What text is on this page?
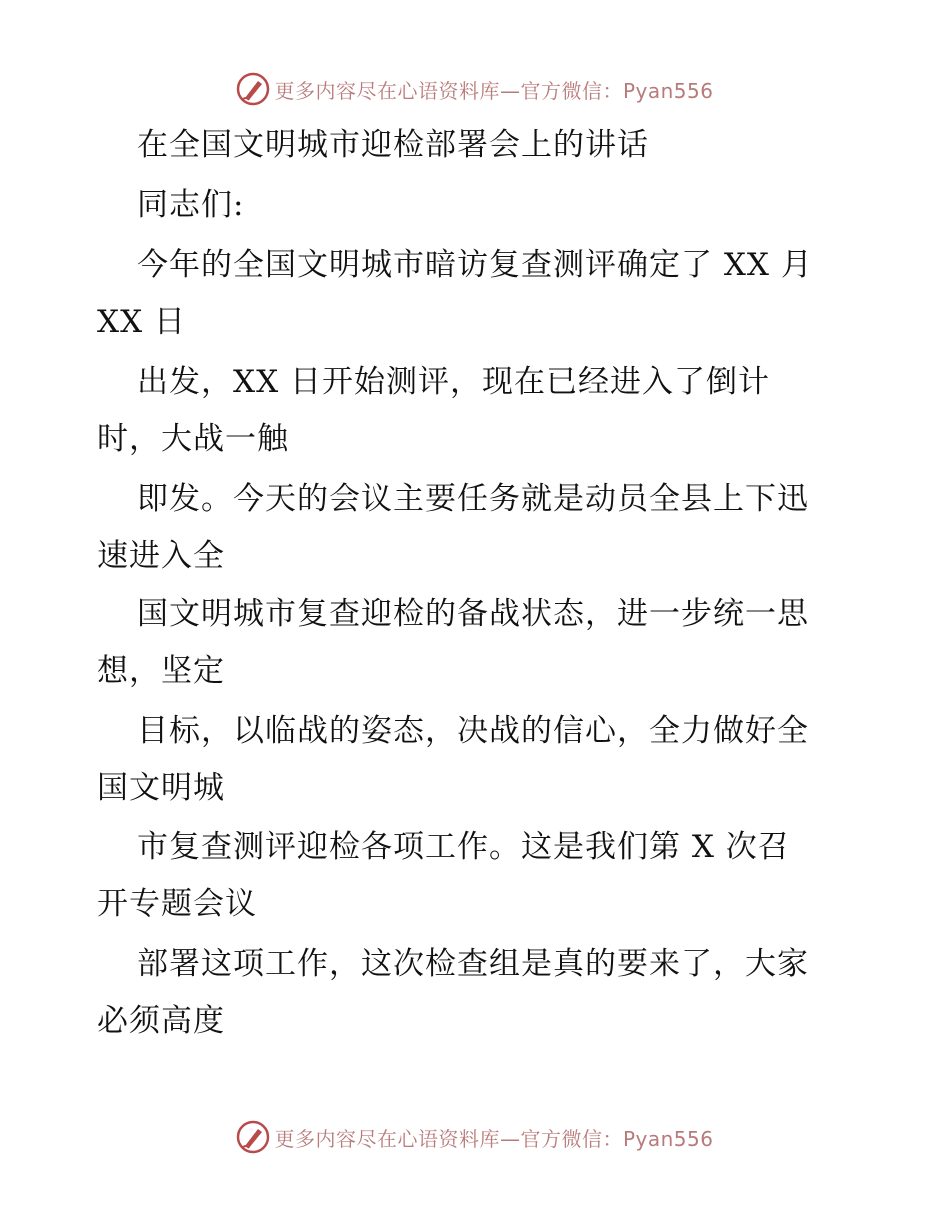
更多内容尽在心语资料库—官方微信：Pyan556
在全国文明城市迎检部署会上的讲话
同志们:
今年的全国文明城市暗访复查测评确定了 XX 月
XX 日
出发，XX 日开始测评，现在已经进入了倒计
时，大战一触
即发。今天的会议主要任务就是动员全县上下迅
速进入全
国文明城市复查迎检的备战状态，进一步统一思
想，坚定
目标，以临战的姿态，决战的信心，全力做好全
国文明城
市复查测评迎检各项工作。这是我们第 X 次召
开专题会议
部署这项工作，这次检查组是真的要来了，大家
必须高度
更多内容尽在心语资料库—官方微信：Pyan556
